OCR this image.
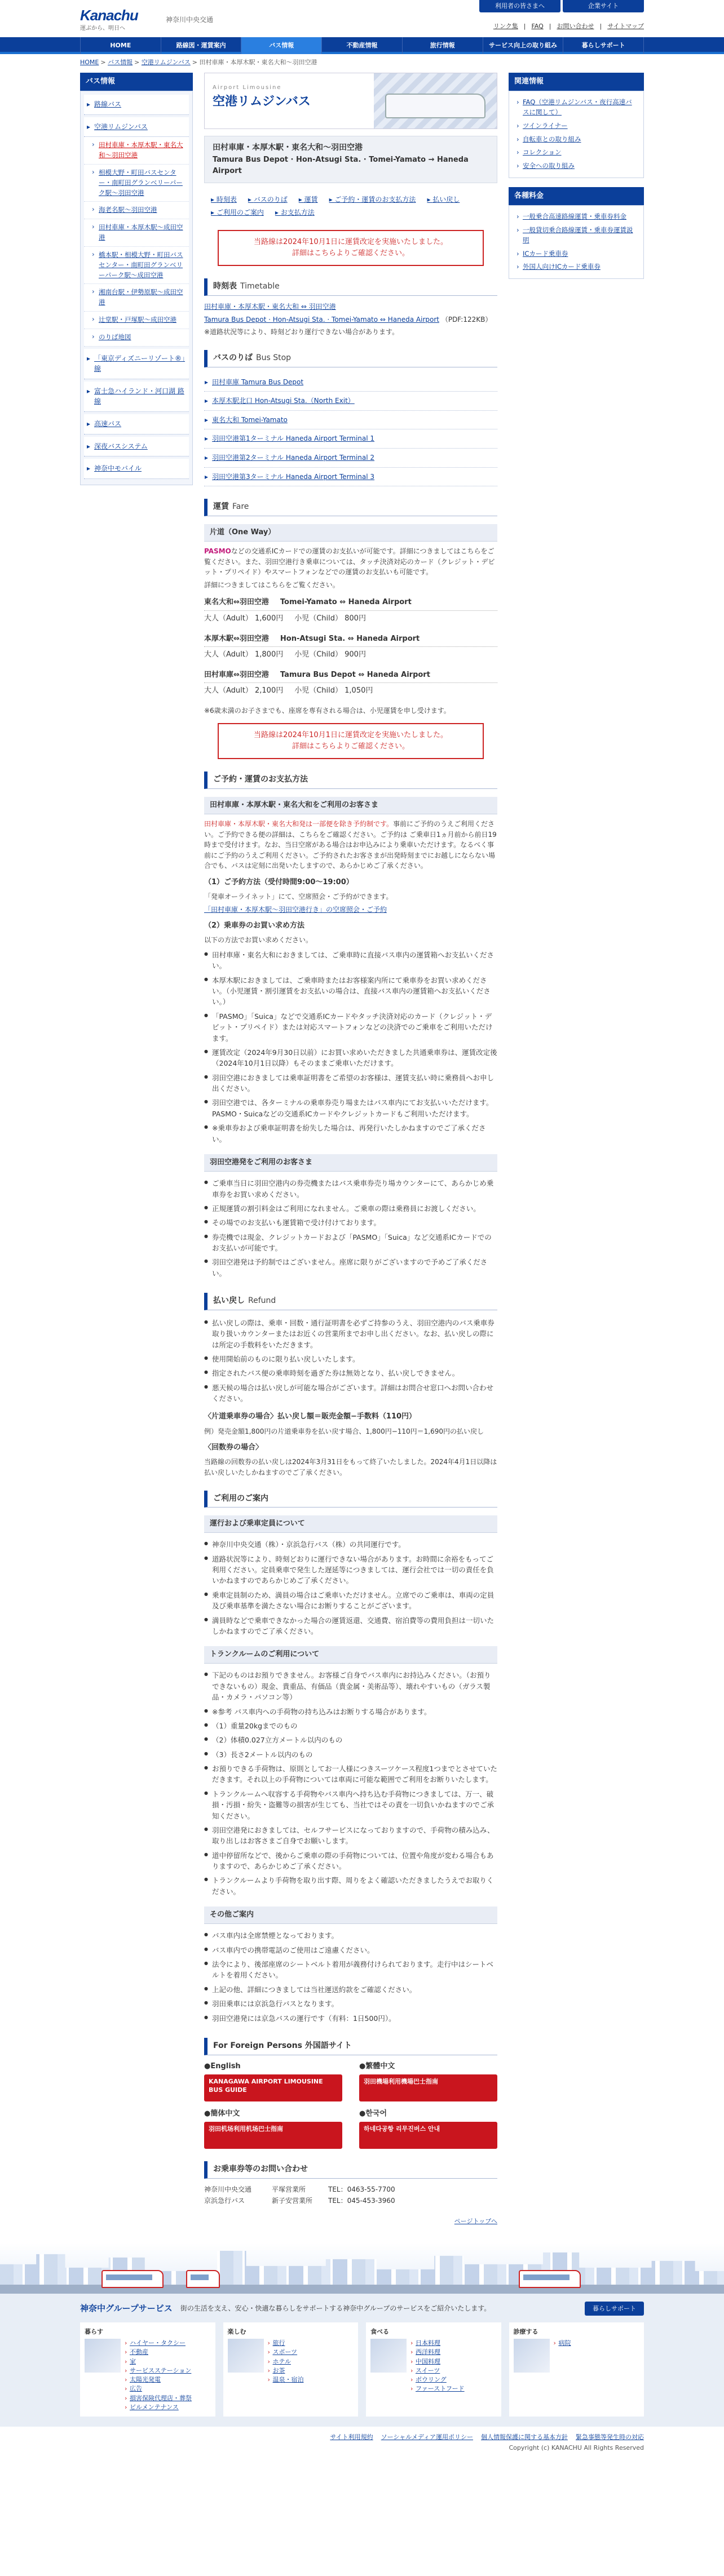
Kanachu
運ぶから、明日へ
神奈川中央交通
利用者の皆さまへ	企業サイト
リンク集 | FAQ | お問い合わせ | サイトマップ
HOME	路線図・運賃案内	バス情報	不動産情報	旅行情報	サービス向上の取り組み	暮らしサポート
HOME > バス情報 > 空港リムジンバス > 田村車庫・本厚木駅・東名大和〜羽田空港
バス情報
▸ 路線バス
▸ 空港リムジンバス
› 田村車庫・本厚木駅・東名大和〜羽田空港
› 相模大野・町田バスセンター・南町田グランベリーパーク駅〜羽田空港
› 海老名駅〜羽田空港
› 田村車庫・本厚木駅〜成田空港
› 橋本駅・相模大野・町田バスセンター・南町田グランベリーパーク駅〜成田空港
› 湘南台駅・伊勢原駅〜成田空港
› 辻堂駅・戸塚駅〜成田空港
› のりば地図
▸ 「東京ディズニーリゾート®」線
▸ 富士急ハイランド・河口湖 路線
▸ 高速バス
▸ 深夜バスシステム
▸ 神奈中モバイル
Airport Limousine
空港リムジンバス
田村車庫・本厚木駅・東名大和〜羽田空港
Tamura Bus Depot · Hon-Atsugi Sta. · Tomei-Yamato → Haneda Airport
▸ 時刻表	▸ バスのりば	▸ 運賃	▸ ご予約・運賃のお支払方法	▸ 払い戻し
▸ ご利用のご案内	▸ お支払方法
当路線は2024年10月1日に運賃改定を実施いたしました。
詳細はこちらよりご確認ください。
時刻表 Timetable

田村車庫・本厚木駅・東名大和 ⇔ 羽田空港

Tamura Bus Depot · Hon-Atsugi Sta. · Tomei-Yamato ⇔ Haneda Airport （PDF:122KB）

※道路状況等により、時刻どおり運行できない場合があります。

バスのりば Bus Stop
▸ 田村車庫 Tamura Bus Depot
▸ 本厚木駅北口 Hon-Atsugi Sta.（North Exit）
▸ 東名大和 Tomei-Yamato
▸ 羽田空港第1ターミナル Haneda Airport Terminal 1
▸ 羽田空港第2ターミナル Haneda Airport Terminal 2
▸ 羽田空港第3ターミナル Haneda Airport Terminal 3
運賃 Fare
片道（One Way）

PASMOなどの交通系ICカードでの運賃のお支払いが可能です。詳細につきましてはこちらをご覧ください。また、羽田空港行き乗車については、タッチ決済対応のカード（クレジット・デビット・プリペイド）やスマートフォンなどでの運賃のお支払いも可能です。

詳細につきましてはこちらをご覧ください。

東名大和⇔羽田空港 Tomei-Yamato ⇔ Haneda Airport
大人（Adult） 1,600円 小児（Child） 800円
本厚木駅⇔羽田空港 Hon-Atsugi Sta. ⇔ Haneda Airport
大人（Adult） 1,800円 小児（Child） 900円
田村車庫⇔羽田空港 Tamura Bus Depot ⇔ Haneda Airport
大人（Adult） 2,100円 小児（Child） 1,050円

※6歳未満のお子さまでも、座席を専有される場合は、小児運賃を申し受けます。

当路線は2024年10月1日に運賃改定を実施いたしました。
詳細はこちらよりご確認ください。
ご予約・運賃のお支払方法
田村車庫・本厚木駅・東名大和をご利用のお客さま

田村車庫・本厚木駅・東名大和発は一部便を除き予約制です。事前にご予約のうえご利用ください。ご予約できる便の詳細は、こちらをご確認ください。ご予約は ご乗車日1ヵ月前から前日19時まで受付けます。なお、当日空席がある場合はお申込みにより乗車いただけます。なるべく事前にご予約のうえご利用ください。ご予約されたお客さまが出発時刻までにお越しにならない場合でも、バスは定刻に出発いたしますので、あらかじめご了承ください。

（1）ご予約方法（受付時間9:00〜19:00）

「発車オーライネット」にて、空席照会・ご予約ができます。

「田村車庫・本厚木駅〜羽田空港行き」の空席照会・ご予約

（2）乗車券のお買い求め方法

以下の方法でお買い求めください。

● 田村車庫・東名大和におきましては、ご乗車時に直接バス車内の運賃箱へお支払いください。
● 本厚木駅におきましては、ご乗車時またはお客様案内所にて乗車券をお買い求めください。（小児運賃・割引運賃をお支払いの場合は、直接バス車内の運賃箱へお支払いください。）
● 「PASMO」「Suica」などで交通系ICカードやタッチ決済対応のカード（クレジット・デビット・プリペイド）または対応スマートフォンなどの決済でのご乗車をご利用いただけます。
● 運賃改定（2024年9月30日以前）にお買い求めいただきました共通乗車券は、運賃改定後（2024年10月1日以降）もそのままご乗車いただけます。
● 羽田空港におきましては乗車証明書をご希望のお客様は、運賃支払い時に乗務員へお申し出ください。
● 羽田空港では、各ターミナルの乗車券売り場またはバス車内にてお支払いいただけます。PASMO・Suicaなどの交通系ICカードやクレジットカードもご利用いただけます。
● ※乗車券および乗車証明書を紛失した場合は、再発行いたしかねますのでご了承ください。
羽田空港発をご利用のお客さま
● ご乗車当日に羽田空港内の券売機またはバス乗車券売り場カウンターにて、あらかじめ乗車券をお買い求めください。
● 正規運賃の割引料金はご利用になれません。ご乗車の際は乗務員にお渡しください。
● その場でのお支払いも運賃箱で受け付けております。
● 券売機では現金、クレジットカードおよび「PASMO」「Suica」など交通系ICカードでのお支払いが可能です。
● 羽田空港発は予約制ではございません。座席に限りがございますので予めご了承ください。
払い戻し Refund
● 払い戻しの際は、乗車・回数・通行証明書を必ずご持参のうえ、羽田空港内のバス乗車券取り扱いカウンターまたはお近くの営業所までお申し出ください。なお、払い戻しの際には所定の手数料をいただきます。
● 使用開始前のものに限り払い戻しいたします。
● 指定されたバス便の乗車時刻を過ぎた券は無効となり、払い戻しできません。
● 悪天候の場合は払い戻しが可能な場合がございます。詳細はお問合せ窓口へお問い合わせください。
〈片道乗車券の場合〉払い戻し額＝販売金額−手数料（110円）

例）発売金額1,800円の片道乗車券を払い戻す場合、1,800円−110円＝1,690円の払い戻し

〈回数券の場合〉

当路線の回数券の払い戻しは2024年3月31日をもって終了いたしました。2024年4月1日以降は払い戻しいたしかねますのでご了承ください。

ご利用のご案内
運行および乗車定員について
● 神奈川中央交通（株）・京浜急行バス（株）の共同運行です。
● 道路状況等により、時刻どおりに運行できない場合があります。お時間に余裕をもってご利用ください。定員乗車で発生した遅延等につきましては、運行会社では一切の責任を負いかねますのであらかじめご了承ください。
● 乗車定員制のため、満員の場合はご乗車いただけません。立席でのご乗車は、車両の定員及び乗車基準を満たさない場合にお断りすることがございます。
● 満員時などで乗車できなかった場合の運賃返還、交通費、宿泊費等の費用負担は一切いたしかねますのでご了承ください。
トランクルームのご利用について
● 下記のものはお預りできません。お客様ご自身でバス車内にお持込みください。（お預りできないもの）現金、貴重品、有価品（貴金属・美術品等）、壊れやすいもの（ガラス製品・カメラ・パソコン等）
● ※参考 バス車内への手荷物の持ち込みはお断りする場合があります。
● （1）重量20kgまでのもの
● （2）体積0.027立方メートル以内のもの
● （3）長さ2メートル以内のもの
● お預りできる手荷物は、原則としてお一人様につきスーツケース程度1つまでとさせていただきます。それ以上の手荷物については車両に可能な範囲でご利用をお断りいたします。
● トランクルームへ収容する手荷物やバス車内へ持ち込む手荷物につきましては、万一、破損・汚損・紛失・盗難等の損害が生じても、当社ではその責を一切負いかねますのでご承知ください。
● 羽田空港発におきましては、セルフサービスになっておりますので、手荷物の積み込み、取り出しはお客さまご自身でお願いします。
● 道中停留所などで、後からご乗車の際の手荷物については、位置や角度が変わる場合もありますので、あらかじめご了承ください。
● トランクルームより手荷物を取り出す際、周りをよく確認いただきましたうえでお取りください。
その他ご案内
● バス車内は全席禁煙となっております。
● バス車内での携帯電話のご使用はご遠慮ください。
● 法令により、後部座席のシートベルト着用が義務付けられております。走行中はシートベルトを着用ください。
● 上記の他、詳細につきましては当社運送約款をご確認ください。
● 羽田乗車には京浜急行バスとなります。
● 羽田空港発には京急バスの運行です（有料：1日500円）。
For Foreign Persons 外国語サイト
●English
KANAGAWA AIRPORT LIMOUSINE BUS GUIDE
●繁體中文
羽田機場利用機場巴士指南
●簡体中文
羽田机场利用机场巴士指南
●한국어
하네다공항 리무진버스 안내
お乗車券等のお問い合わせ
神奈川中央交通	平塚営業所	TEL：0463-55-7700
京浜急行バス	新子安営業所	TEL：045-453-3960
ページトップへ
関連情報
› FAQ（空港リムジンバス・夜行高速バスに関して）
› ツインライナー
› 自転車との取り組み
› コレクション
› 安全への取り組み
各種料金
› 一般乗合高速路線運賃・乗車券料金
› 一般貸切乗合路線運賃・乗車券運賃説明
› ICカード乗車券
› 外国人向けICカード乗車券
神奈中グループサービス 街の生活を支え、安心・快適な暮らしをサポートする神奈中グループのサービスをご紹介いたします。	暮らしサポート
暮らす
› ハイヤー・タクシー
› 不動産
› 家
› サービスステーション
› 太陽光発電
› 広告
› 損害保険代理店・葬祭
› ビルメンテナンス
楽しむ
› 旅行
› スポーツ
› ホテル
› お茶
› 温泉・宿泊
食べる
› 日本料理
› 西洋料理
› 中国料理
› スイーツ
› ボウリング
› ファーストフード
診療する
› 病院
サイト利用規約 ソーシャルメディア運用ポリシー 個人情報保護に関する基本方針 緊急事態等発生時の対応
Copyright (c) KANACHU All Rights Reserved
